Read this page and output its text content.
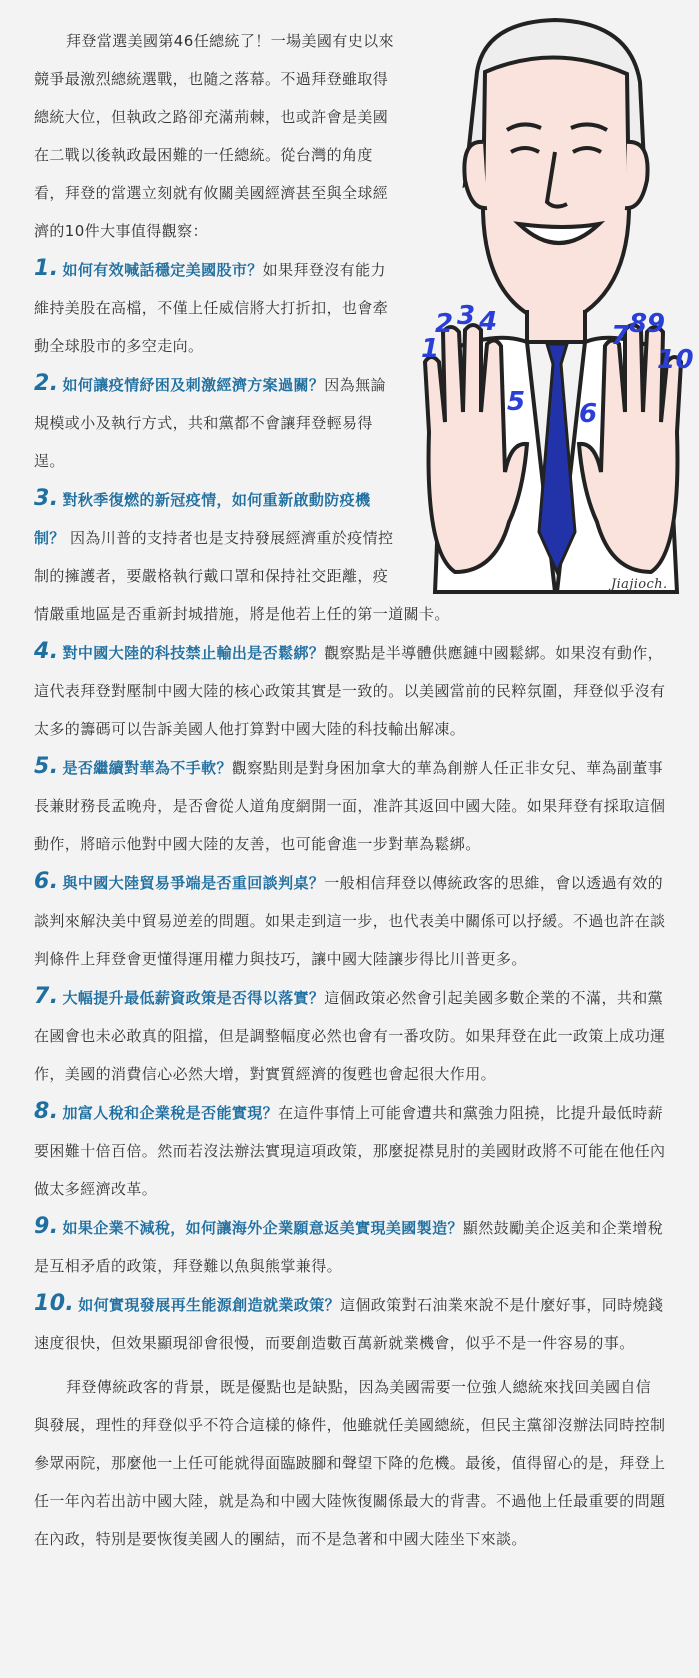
1
2 3 4
5 6
7 8 9
10
Jiajioch.

拜登當選美國第46任總統了！一場美國有史以來競爭最激烈總統選戰，也隨之落幕。不過拜登雖取得總統大位，但執政之路卻充滿荊棘，也或許會是美國在二戰以後執政最困難的一任總統。從台灣的角度看，拜登的當選立刻就有攸關美國經濟甚至與全球經濟的10件大事值得觀察：

1. 如何有效喊話穩定美國股市？如果拜登沒有能力維持美股在高檔，不僅上任威信將大打折扣，也會牽動全球股市的多空走向。

2. 如何讓疫情紓困及刺激經濟方案過關？因為無論規模或小及執行方式，共和黨都不會讓拜登輕易得逞。

3. 對秋季復燃的新冠疫情，如何重新啟動防疫機制？ 因為川普的支持者也是支持發展經濟重於疫情控制的擁護者，要嚴格執行戴口罩和保持社交距離，疫情嚴重地區是否重新封城措施，將是他若上任的第一道關卡。

4. 對中國大陸的科技禁止輸出是否鬆綁？觀察點是半導體供應鏈中國鬆綁。如果沒有動作，這代表拜登對壓制中國大陸的核心政策其實是一致的。以美國當前的民粹氛圍，拜登似乎沒有太多的籌碼可以告訴美國人他打算對中國大陸的科技輸出解凍。

5. 是否繼續對華為不手軟？觀察點則是對身困加拿大的華為創辦人任正非女兒、華為副董事長兼財務長孟晚舟，是否會從人道角度網開一面，准許其返回中國大陸。如果拜登有採取這個動作，將暗示他對中國大陸的友善，也可能會進一步對華為鬆綁。

6. 與中國大陸貿易爭端是否重回談判桌？一般相信拜登以傳統政客的思維，會以透過有效的談判來解決美中貿易逆差的問題。如果走到這一步，也代表美中關係可以抒緩。不過也許在談判條件上拜登會更懂得運用權力與技巧，讓中國大陸讓步得比川普更多。

7. 大幅提升最低薪資政策是否得以落實？這個政策必然會引起美國多數企業的不滿，共和黨在國會也未必敢真的阻擋，但是調整幅度必然也會有一番攻防。如果拜登在此一政策上成功運作，美國的消費信心必然大增，對實質經濟的復甦也會起很大作用。

8. 加富人稅和企業稅是否能實現？在這件事情上可能會遭共和黨強力阻撓，比提升最低時薪要困難十倍百倍。然而若沒法辦法實現這項政策，那麼捉襟見肘的美國財政將不可能在他任內做太多經濟改革。

9. 如果企業不減稅，如何讓海外企業願意返美實現美國製造？顯然鼓勵美企返美和企業增稅是互相矛盾的政策，拜登難以魚與熊掌兼得。

10. 如何實現發展再生能源創造就業政策？這個政策對石油業來說不是什麼好事，同時燒錢速度很快，但效果顯現卻會很慢，而要創造數百萬新就業機會，似乎不是一件容易的事。

拜登傳統政客的背景，既是優點也是缺點，因為美國需要一位強人總統來找回美國自信與發展，理性的拜登似乎不符合這樣的條件，他雖就任美國總統，但民主黨卻沒辦法同時控制參眾兩院，那麼他一上任可能就得面臨跛腳和聲望下降的危機。最後，值得留心的是，拜登上任一年內若出訪中國大陸，就是為和中國大陸恢復關係最大的背書。不過他上任最重要的問題在內政，特別是要恢復美國人的團結，而不是急著和中國大陸坐下來談。
